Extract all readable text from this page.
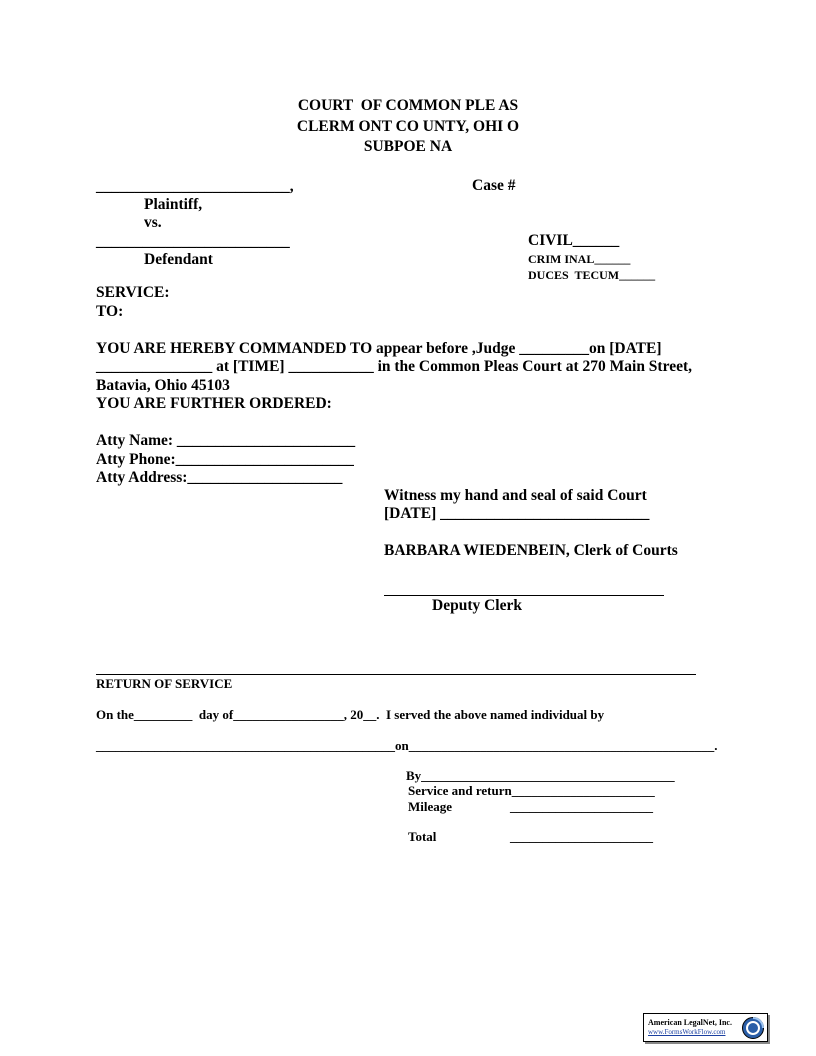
COURT  OF COMMON PLE AS
CLERM ONT CO UNTY, OHI O
SUBPOE NA
_________________________,
Plaintiff,
vs.
_________________________
Defendant
Case #
CIVIL______
CRIM INAL______
DUCES  TECUM______
SERVICE:
TO:
YOU ARE HEREBY COMMANDED TO appear before ,Judge _________on [DATE]
_______________ at [TIME] ___________ in the Common Pleas Court at 270 Main Street,
Batavia, Ohio 45103
YOU ARE FURTHER ORDERED:
Atty Name: _______________________
Atty Phone:_______________________
Atty Address:____________________
Witness my hand and seal of said Court
[DATE] ___________________________
BARBARA WIEDENBEIN, Clerk of Courts
Deputy Clerk
RETURN OF SERVICE
On the_________  day of_________________, 20__.  I served the above named individual by
______________________________________________on_______________________________________________.
By_______________________________________
Service and return______________________
Mileage	______________________
Total	______________________
American LegalNet, Inc.
www.FormsWorkFlow.com
